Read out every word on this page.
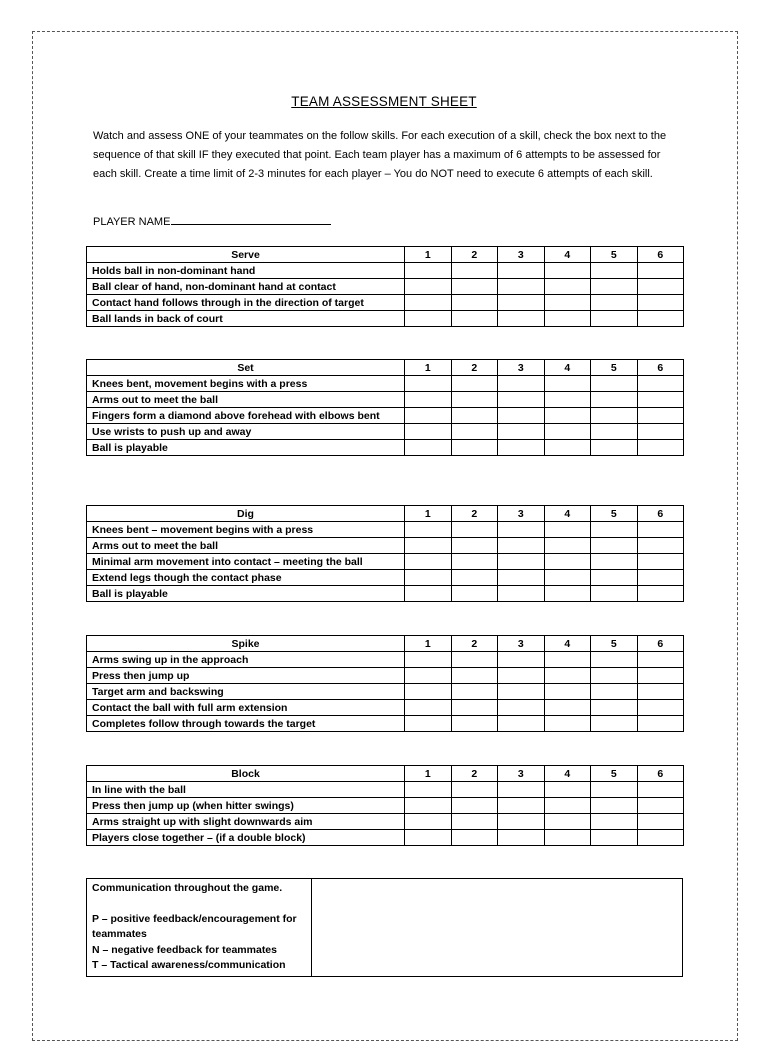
TEAM ASSESSMENT SHEET
Watch and assess ONE of your teammates on the follow skills. For each execution of a skill, check the box next to the sequence of that skill IF they executed that point. Each team player has a maximum of 6 attempts to be assessed for each skill. Create a time limit of 2-3 minutes for each player – You do NOT need to execute 6 attempts of each skill.
PLAYER NAME
Serve	1	2	3	4	5	6
Holds ball in non-dominant hand						
Ball clear of hand, non-dominant hand at contact						
Contact hand follows through in the direction of target						
Ball lands in back of court						
Set	1	2	3	4	5	6
Knees bent, movement begins with a press						
Arms out to meet the ball						
Fingers form a diamond above forehead with elbows bent						
Use wrists to push up and away						
Ball is playable						
Dig	1	2	3	4	5	6
Knees bent – movement begins with a press						
Arms out to meet the ball						
Minimal arm movement into contact – meeting the ball						
Extend legs though the contact phase						
Ball is playable						
Spike	1	2	3	4	5	6
Arms swing up in the approach						
Press then jump up						
Target arm and backswing						
Contact the ball with full arm extension						
Completes follow through towards the target						
Block	1	2	3	4	5	6
In line with the ball						
Press then jump up (when hitter swings)						
Arms straight up with slight downwards aim						
Players close together – (if a double block)						
Communication throughout the game.
P – positive feedback/encouragement for teammates
N – negative feedback for teammates
T – Tactical awareness/communication
